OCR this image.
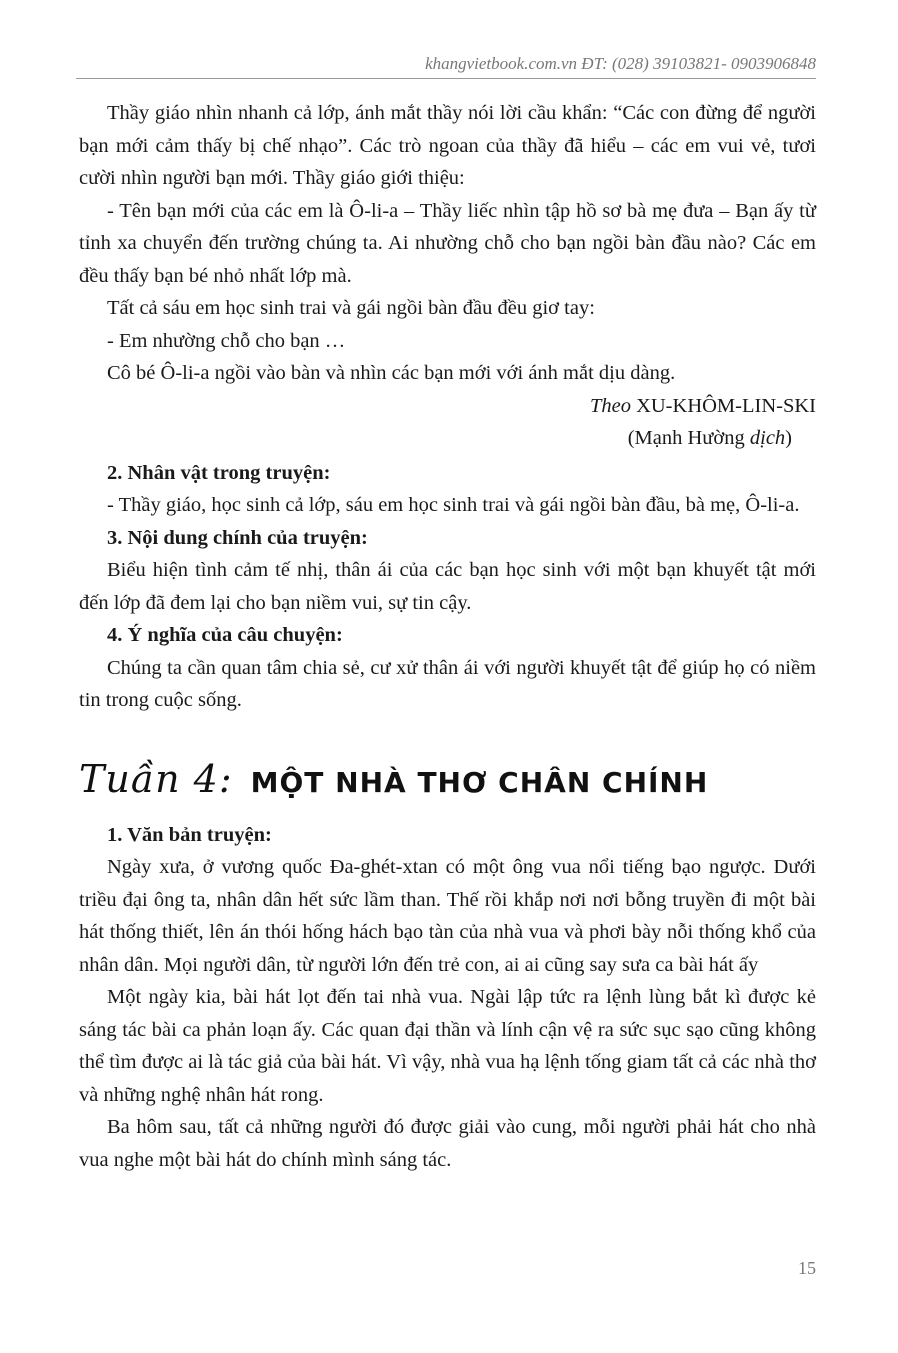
khangvietbook.com.vn ĐT: (028) 39103821- 0903906848

Thầy giáo nhìn nhanh cả lớp, ánh mắt thầy nói lời cầu khẩn: “Các con đừng để người bạn mới cảm thấy bị chế nhạo”. Các trò ngoan của thầy đã hiểu – các em vui vẻ, tươi cười nhìn người bạn mới. Thầy giáo giới thiệu:

- Tên bạn mới của các em là Ô-li-a – Thầy liếc nhìn tập hồ sơ bà mẹ đưa – Bạn ấy từ tỉnh xa chuyển đến trường chúng ta. Ai nhường chỗ cho bạn ngồi bàn đầu nào? Các em đều thấy bạn bé nhỏ nhất lớp mà.

Tất cả sáu em học sinh trai và gái ngồi bàn đầu đều giơ tay:

- Em nhường chỗ cho bạn …

Cô bé Ô-li-a ngồi vào bàn và nhìn các bạn mới với ánh mắt dịu dàng.

Theo XU-KHÔM-LIN-SKI

(Mạnh Hường dịch)

2. Nhân vật trong truyện:

- Thầy giáo, học sinh cả lớp, sáu em học sinh trai và gái ngồi bàn đầu, bà mẹ, Ô-li-a.

3. Nội dung chính của truyện:

Biểu hiện tình cảm tế nhị, thân ái của các bạn học sinh với một bạn khuyết tật mới đến lớp đã đem lại cho bạn niềm vui, sự tin cậy.

4. Ý nghĩa của câu chuyện:

Chúng ta cần quan tâm chia sẻ, cư xử thân ái với người khuyết tật để giúp họ có niềm tin trong cuộc sống.

Tuần 4: MỘT NHÀ THƠ CHÂN CHÍNH

1. Văn bản truyện:

Ngày xưa, ở vương quốc Đa-ghét-xtan có một ông vua nổi tiếng bạo ngược. Dưới triều đại ông ta, nhân dân hết sức lầm than. Thế rồi khắp nơi nơi bỗng truyền đi một bài hát thống thiết, lên án thói hống hách bạo tàn của nhà vua và phơi bày nỗi thống khổ của nhân dân. Mọi người dân, từ người lớn đến trẻ con, ai ai cũng say sưa ca bài hát ấy

Một ngày kia, bài hát lọt đến tai nhà vua. Ngài lập tức ra lệnh lùng bắt kì được kẻ sáng tác bài ca phản loạn ấy. Các quan đại thần và lính cận vệ ra sức sục sạo cũng không thể tìm được ai là tác giả của bài hát. Vì vậy, nhà vua hạ lệnh tống giam tất cả các nhà thơ và những nghệ nhân hát rong.

Ba hôm sau, tất cả những người đó được giải vào cung, mỗi người phải hát cho nhà vua nghe một bài hát do chính mình sáng tác.

15
